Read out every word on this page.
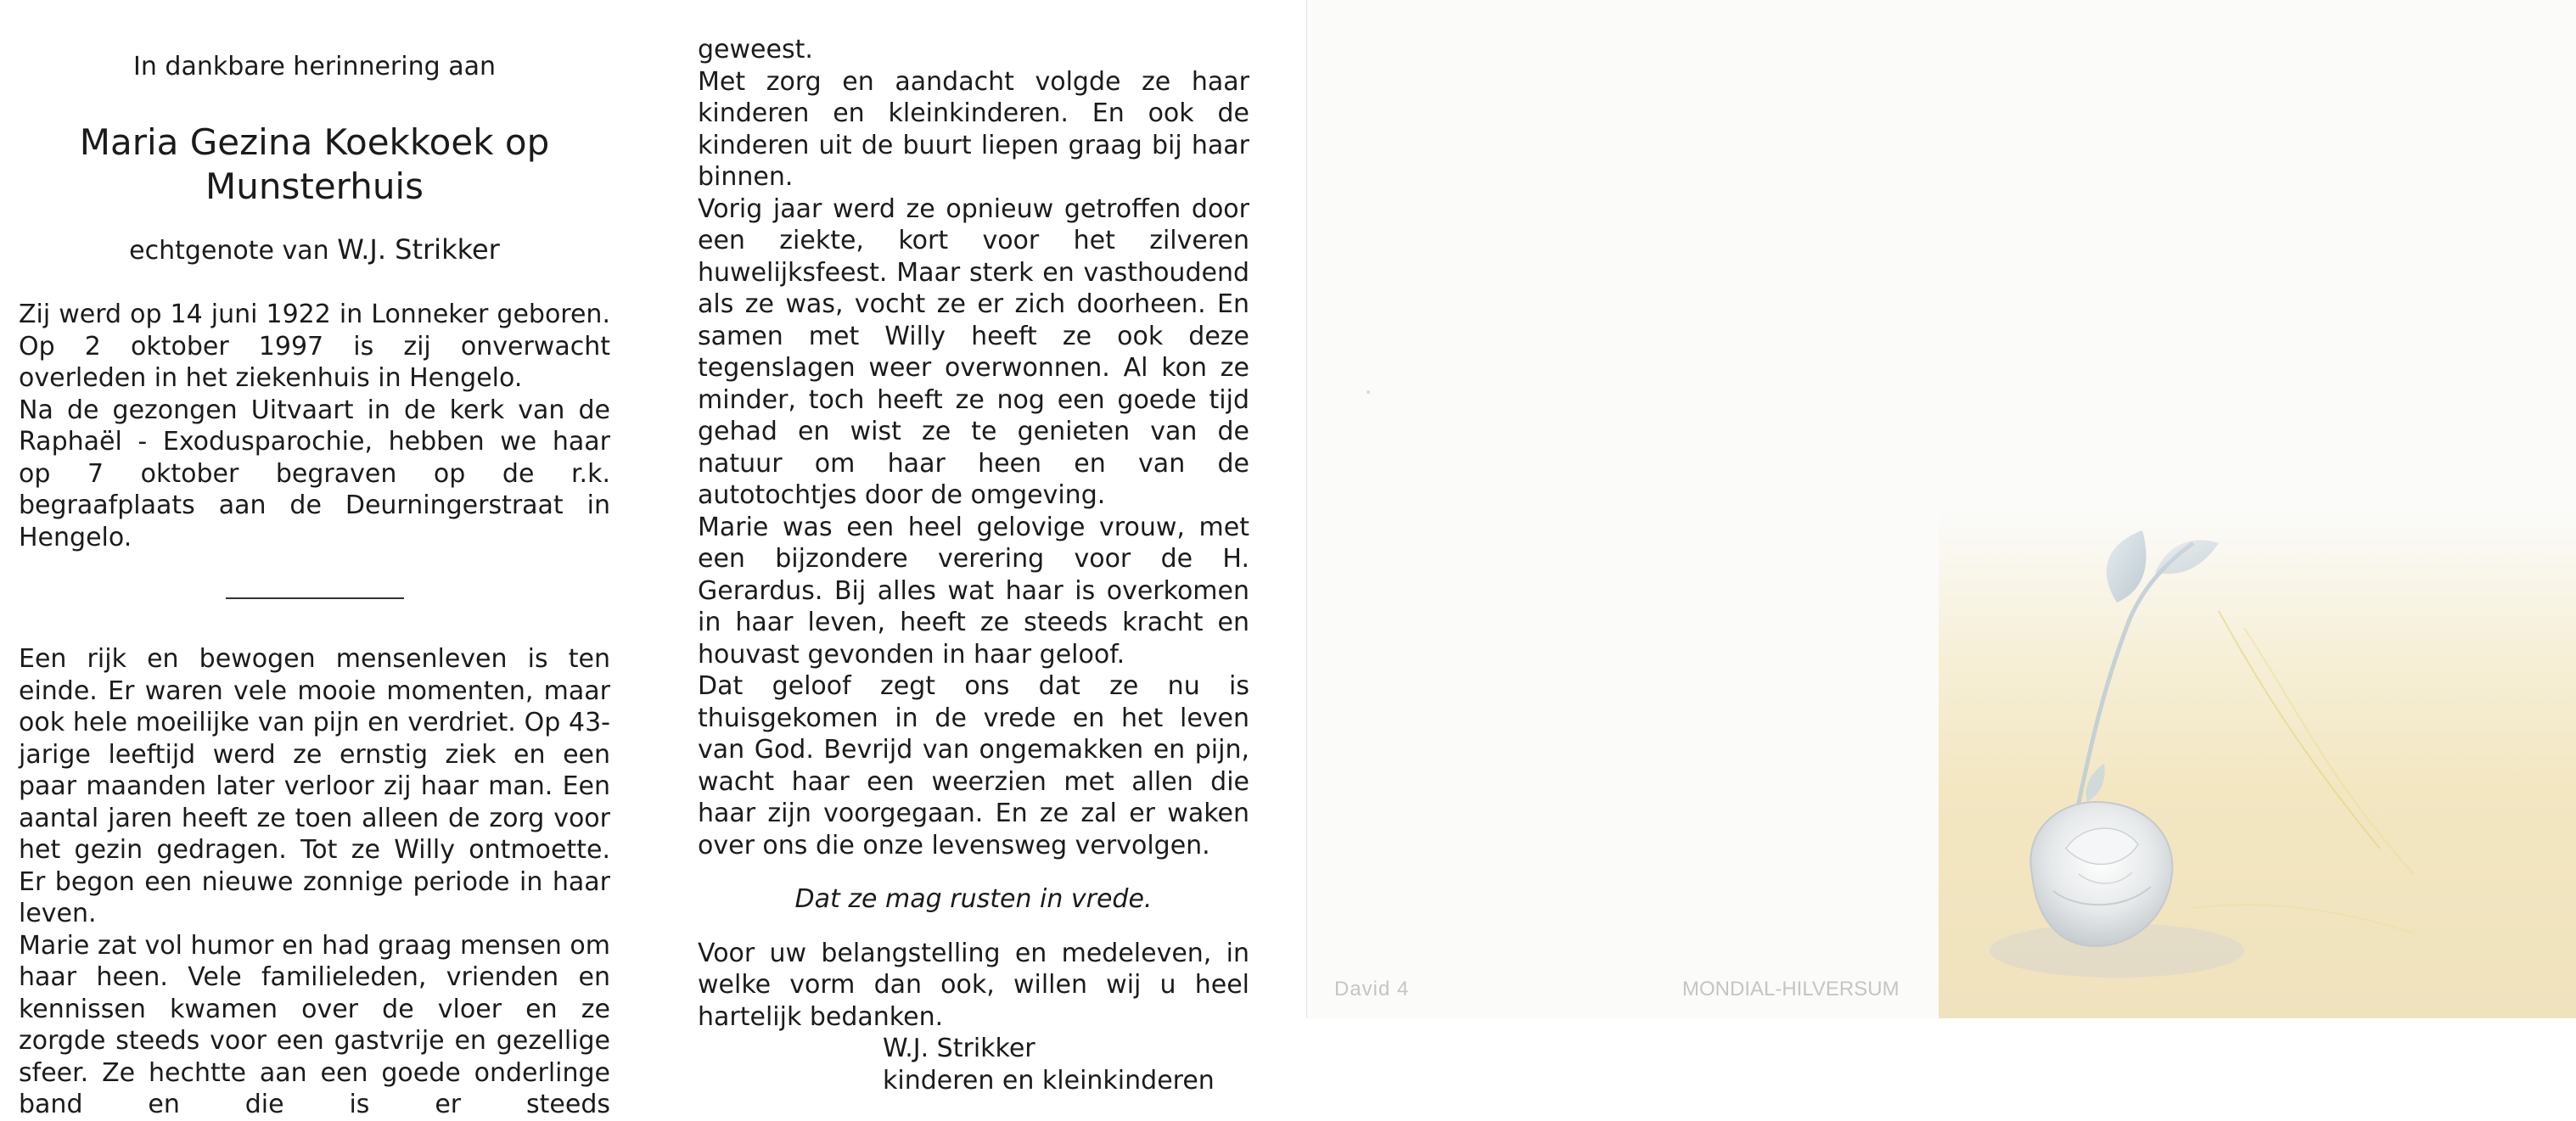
In dankbare herinnering aan

Maria Gezina Koekkoek op
Munsterhuis
echtgenote van W.J. Strikker

Zij werd op 14 juni 1922 in Lonneker geboren. Op 2 oktober 1997 is zij onverwacht overleden in het ziekenhuis in Hengelo.

Na de gezongen Uitvaart in de kerk van de Raphaël - Exodusparochie, hebben we haar op 7 oktober begraven op de r.k. begraafplaats aan de Deurningerstraat in Hengelo.

Een rijk en bewogen mensenleven is ten einde. Er waren vele mooie momenten, maar ook hele moeilijke van pijn en verdriet. Op 43-jarige leeftijd werd ze ernstig ziek en een paar maanden later verloor zij haar man. Een aantal jaren heeft ze toen alleen de zorg voor het gezin gedragen. Tot ze Willy ontmoette. Er begon een nieuwe zonnige periode in haar leven.

Marie zat vol humor en had graag mensen om haar heen. Vele familieleden, vrienden en kennissen kwamen over de vloer en ze zorgde steeds voor een gastvrije en gezellige sfeer. Ze hechtte aan een goede onderlinge band en die is er steeds

geweest.

Met zorg en aandacht volgde ze haar kinderen en kleinkinderen. En ook de kinderen uit de buurt liepen graag bij haar binnen.

Vorig jaar werd ze opnieuw getroffen door een ziekte, kort voor het zilveren huwelijksfeest. Maar sterk en vasthoudend als ze was, vocht ze er zich doorheen. En samen met Willy heeft ze ook deze tegenslagen weer overwonnen. Al kon ze minder, toch heeft ze nog een goede tijd gehad en wist ze te genieten van de natuur om haar heen en van de autotochtjes door de omgeving.

Marie was een heel gelovige vrouw, met een bijzondere verering voor de H. Gerardus. Bij alles wat haar is overkomen in haar leven, heeft ze steeds kracht en houvast gevonden in haar geloof.

Dat geloof zegt ons dat ze nu is thuisgekomen in de vrede en het leven van God. Bevrijd van ongemakken en pijn, wacht haar een weerzien met allen die haar zijn voorgegaan. En ze zal er waken over ons die onze levensweg vervolgen.

Dat ze mag rusten in vrede.

Voor uw belangstelling en medeleven, in welke vorm dan ook, willen wij u heel hartelijk bedanken.

W.J. Strikker
kinderen en kleinkinderen
David 4	MONDIAL-HILVERSUM
